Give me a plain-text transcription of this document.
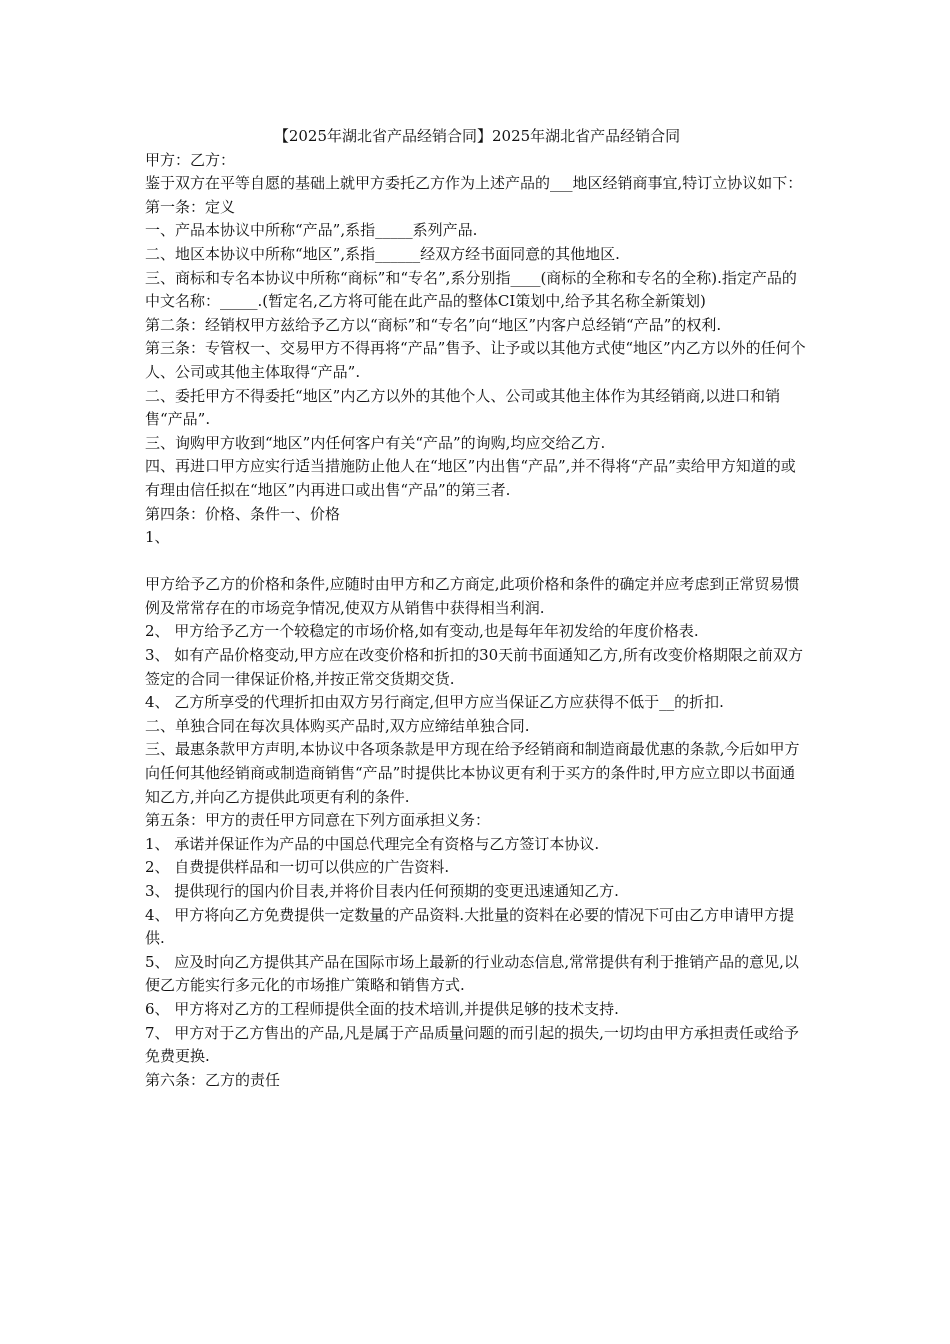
【2025年湖北省产品经销合同】2025年湖北省产品经销合同
甲方：乙方：
鉴于双方在平等自愿的基础上就甲方委托乙方作为上述产品的___地区经销商事宜,特订立协议如下：
第一条：定义
一、产品本协议中所称“产品”,系指_____系列产品.
二、地区本协议中所称“地区”,系指______经双方经书面同意的其他地区.
三、商标和专名本协议中所称“商标”和“专名”,系分别指____(商标的全称和专名的全称).指定产品的中文名称：_____.(暂定名,乙方将可能在此产品的整体CI策划中,给予其名称全新策划)
第二条：经销权甲方兹给予乙方以“商标”和“专名”向“地区”内客户总经销“产品”的权利.
第三条：专管权一、交易甲方不得再将“产品”售予、让予或以其他方式使“地区”内乙方以外的任何个人、公司或其他主体取得“产品”.
二、委托甲方不得委托“地区”内乙方以外的其他个人、公司或其他主体作为其经销商,以进口和销售“产品”.
三、询购甲方收到“地区”内任何客户有关“产品”的询购,均应交给乙方.
四、再进口甲方应实行适当措施防止他人在“地区”内出售“产品”,并不得将“产品”卖给甲方知道的或有理由信任拟在“地区”内再进口或出售“产品”的第三者.
第四条：价格、条件一、价格
1、
甲方给予乙方的价格和条件,应随时由甲方和乙方商定,此项价格和条件的确定并应考虑到正常贸易惯例及常常存在的市场竞争情况,使双方从销售中获得相当利润.
2、 甲方给予乙方一个较稳定的市场价格,如有变动,也是每年年初发给的年度价格表.
3、 如有产品价格变动,甲方应在改变价格和折扣的30天前书面通知乙方,所有改变价格期限之前双方签定的合同一律保证价格,并按正常交货期交货.
4、 乙方所享受的代理折扣由双方另行商定,但甲方应当保证乙方应获得不低于__的折扣.
二、单独合同在每次具体购买产品时,双方应缔结单独合同.
三、最惠条款甲方声明,本协议中各项条款是甲方现在给予经销商和制造商最优惠的条款,今后如甲方向任何其他经销商或制造商销售“产品”时提供比本协议更有利于买方的条件时,甲方应立即以书面通知乙方,并向乙方提供此项更有利的条件.
第五条：甲方的责任甲方同意在下列方面承担义务：
1、 承诺并保证作为产品的中国总代理完全有资格与乙方签订本协议.
2、 自费提供样品和一切可以供应的广告资料.
3、 提供现行的国内价目表,并将价目表内任何预期的变更迅速通知乙方.
4、 甲方将向乙方免费提供一定数量的产品资料.大批量的资料在必要的情况下可由乙方申请甲方提供.
5、 应及时向乙方提供其产品在国际市场上最新的行业动态信息,常常提供有利于推销产品的意见,以便乙方能实行多元化的市场推广策略和销售方式.
6、 甲方将对乙方的工程师提供全面的技术培训,并提供足够的技术支持.
7、 甲方对于乙方售出的产品,凡是属于产品质量问题的而引起的损失,一切均由甲方承担责任或给予免费更换.
第六条：乙方的责任
